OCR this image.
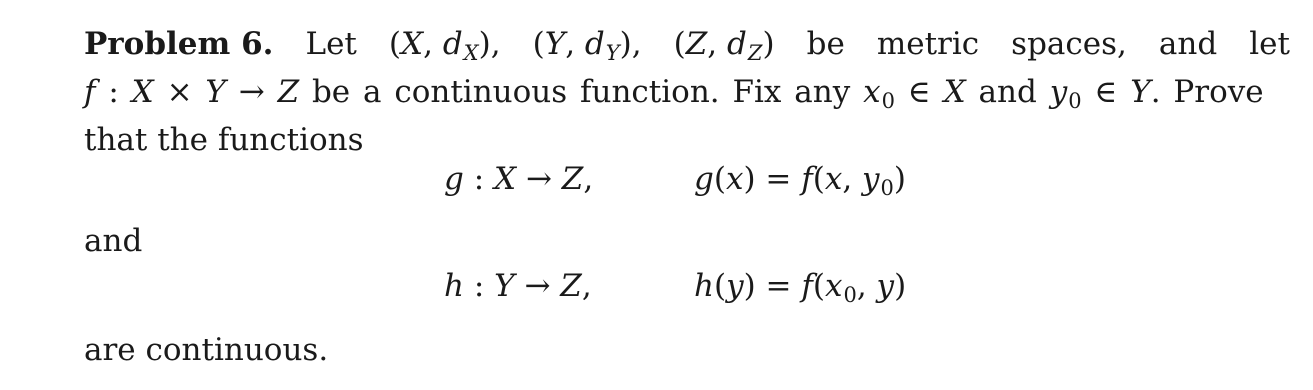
Problem 6. Let (X, dX), (Y, dY), (Z, dZ) be metric spaces, and let
f : X × Y → Z be a continuous function. Fix any x0 ∈ X and y0 ∈ Y. Prove
that the functions
g : X → Z,	g(x) = f(x, y0)
and
h : Y → Z,	h(y) = f(x0, y)
are continuous.
